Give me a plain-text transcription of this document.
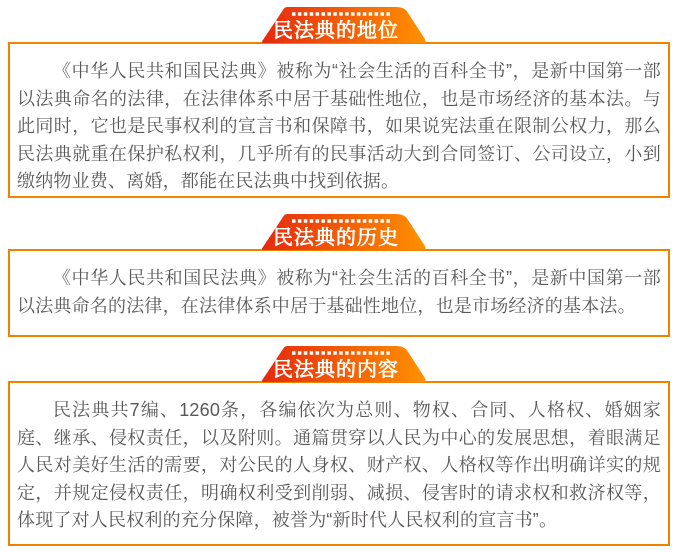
民法典的地位

《中华人民共和国民法典》被称为“社会生活的百科全书”，是新中国第一部以法典命名的法律，在法律体系中居于基础性地位，也是市场经济的基本法。与此同时，它也是民事权利的宣言书和保障书，如果说宪法重在限制公权力，那么民法典就重在保护私权利，几乎所有的民事活动大到合同签订、公司设立，小到缴纳物业费、离婚，都能在民法典中找到依据。

民法典的历史

《中华人民共和国民法典》被称为“社会生活的百科全书”，是新中国第一部以法典命名的法律，在法律体系中居于基础性地位，也是市场经济的基本法。

民法典的内容

民法典共7编、1260条，各编依次为总则、物权、合同、人格权、婚姻家庭、继承、侵权责任，以及附则。通篇贯穿以人民为中心的发展思想，着眼满足人民对美好生活的需要，对公民的人身权、财产权、人格权等作出明确详实的规定，并规定侵权责任，明确权利受到削弱、减损、侵害时的请求权和救济权等，体现了对人民权利的充分保障，被誉为“新时代人民权利的宣言书”。
